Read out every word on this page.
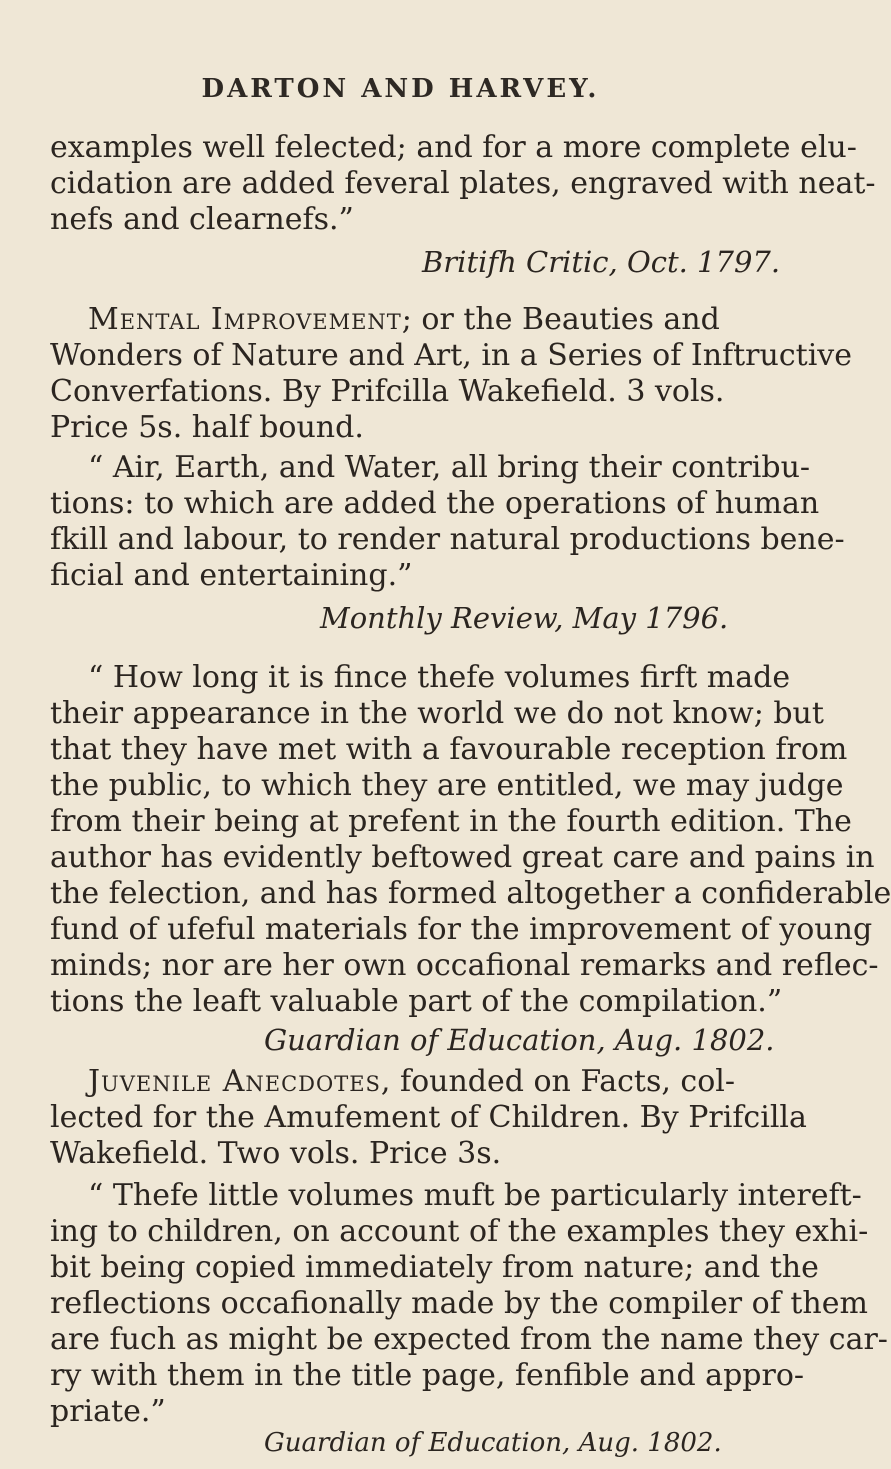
DARTON AND HARVEY.
examples well felected; and for a more complete elu-
cidation are added feveral plates, engraved with neat-
nefs and clearnefs.”
Britifh Critic, Oct. 1797.
Mental Improvement; or the Beauties and
Wonders of Nature and Art, in a Series of Inftructive
Converfations. By Prifcilla Wakefield. 3 vols.
Price 5s. half bound.
“ Air, Earth, and Water, all bring their contribu-
tions: to which are added the operations of human
fkill and labour, to render natural productions bene-
ficial and entertaining.”
Monthly Review, May 1796.
“ How long it is fince thefe volumes firft made
their appearance in the world we do not know; but
that they have met with a favourable reception from
the public, to which they are entitled, we may judge
from their being at prefent in the fourth edition. The
author has evidently beftowed great care and pains in
the felection, and has formed altogether a confiderable
fund of ufeful materials for the improvement of young
minds; nor are her own occafional remarks and reflec-
tions the leaft valuable part of the compilation.”
Guardian of Education, Aug. 1802.
Juvenile Anecdotes, founded on Facts, col-
lected for the Amufement of Children. By Prifcilla
Wakefield. Two vols. Price 3s.
“ Thefe little volumes muft be particularly intereft-
ing to children, on account of the examples they exhi-
bit being copied immediately from nature; and the
reflections occafionally made by the compiler of them
are fuch as might be expected from the name they car-
ry with them in the title page, fenfible and appro-
priate.”
Guardian of Education, Aug. 1802.
